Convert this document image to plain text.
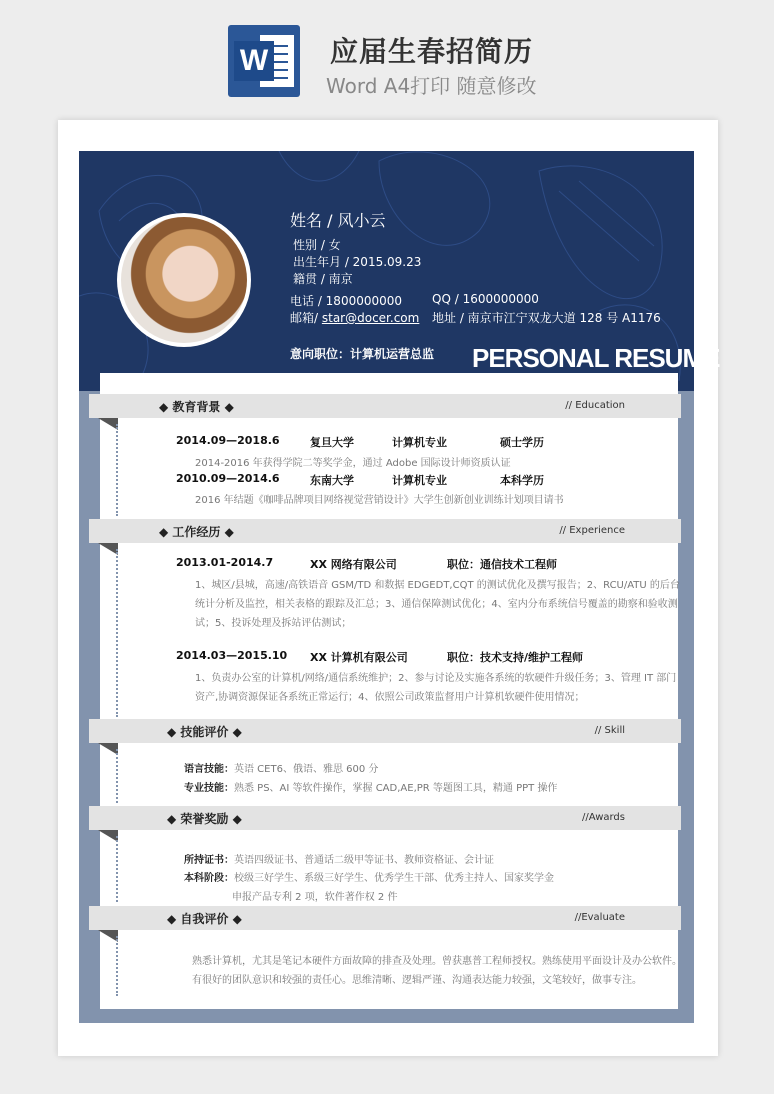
W 应届生春招简历
Word A4打印 随意修改
姓名 / 风小云
性别 / 女
出生年月 / 2015.09.23
籍贯 / 南京
电话 / 1800000000 QQ / 1600000000
邮箱/ star@docer.com 地址 / 南京市江宁双龙大道 128 号 A1176
意向职位：计算机运营总监 PERSONAL RESUME
◆ 教育背景 ◆	// Education
2014.09—2018.6	复旦大学	计算机专业	硕士学历
2014-2016 年获得学院二等奖学金，通过 Adobe 国际设计师资质认证
2010.09—2014.6	东南大学	计算机专业	本科学历
2016 年结题《咖啡品牌项目网络视觉营销设计》大学生创新创业训练计划项目请书
◆ 工作经历 ◆	// Experience
2013.01-2014.7	XX 网络有限公司	职位：通信技术工程师
1、城区/县城，高速/高铁语音 GSM/TD 和数据 EDGEDT,CQT 的测试优化及撰写报告；2、RCU/ATU 的后台
统计分析及监控，相关表格的跟踪及汇总；3、通信保障测试优化；4、室内分布系统信号覆盖的勘察和验收测
试；5、投诉处理及拆站评估测试；
2014.03—2015.10 XX 计算机有限公司	职位：技术支持/维护工程师
1、负责办公室的计算机/网络/通信系统维护；2、参与讨论及实施各系统的软硬件升级任务；3、管理 IT 部门
资产,协调资源保证各系统正常运行；4、依照公司政策监督用户计算机软硬件使用情况；
◆ 技能评价 ◆	// Skill
语言技能：英语 CET6、俄语、雅思 600 分
专业技能：熟悉 PS、AI 等软件操作，掌握 CAD,AE,PR 等题图工具，精通 PPT 操作
◆ 荣誉奖励 ◆	//Awards
所持证书：英语四级证书、普通话二级甲等证书、教师资格证、会计证
本科阶段：校级三好学生、系级三好学生、优秀学生干部、优秀主持人、国家奖学金
申报产品专利 2 项，软件著作权 2 件
◆ 自我评价 ◆	//Evaluate
熟悉计算机，尤其是笔记本硬件方面故障的排查及处理。曾获惠普工程师授权。熟练使用平面设计及办公软件。
有很好的团队意识和较强的责任心。思维清晰、逻辑严谨、沟通表达能力较强，文笔较好，做事专注。
